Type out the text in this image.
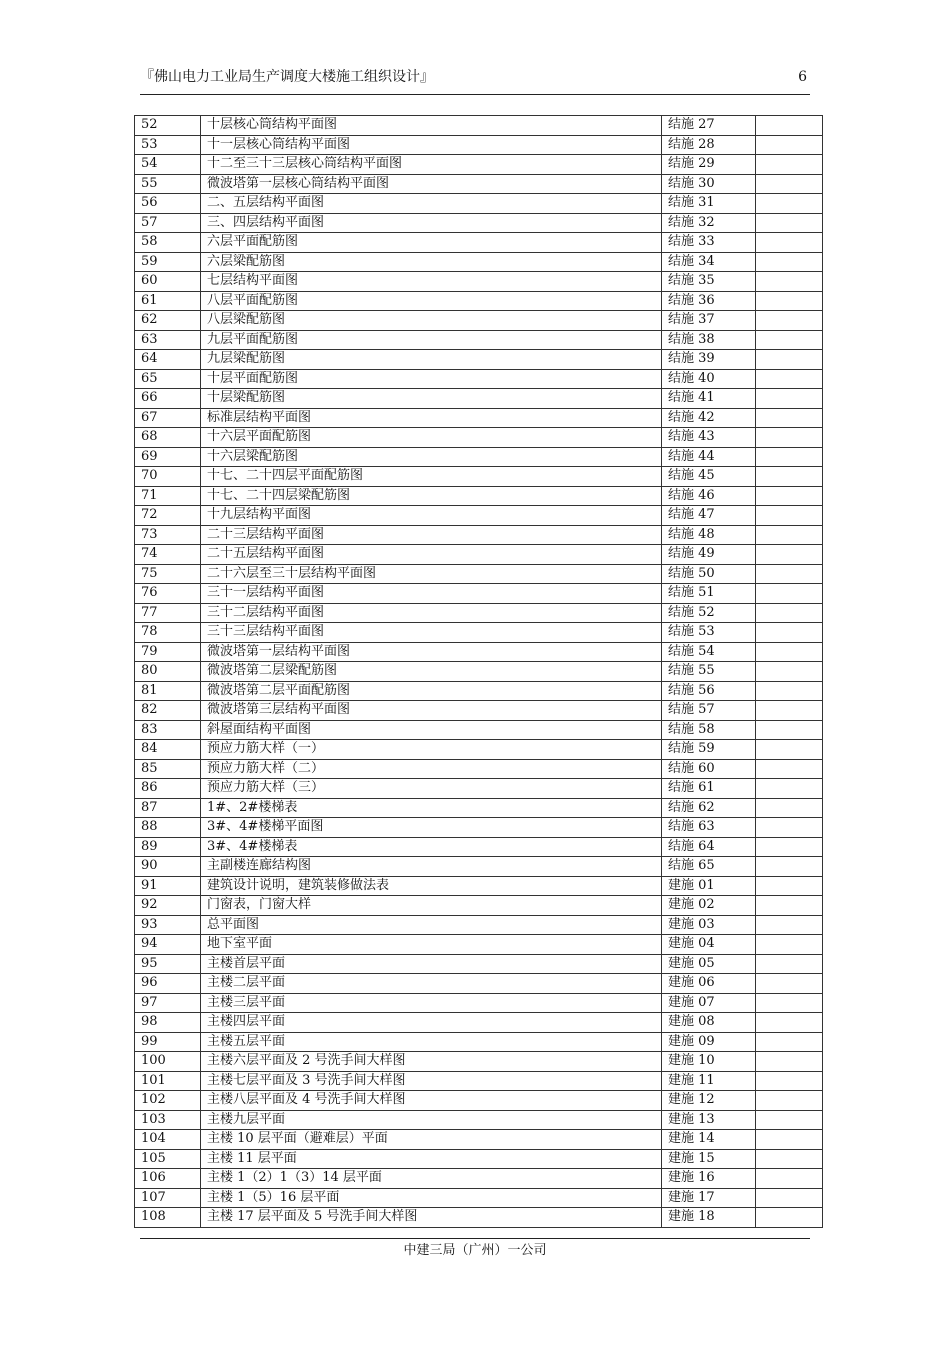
『佛山电力工业局生产调度大楼施工组织设计』	6
52	十层核心筒结构平面图	结施 27	
53	十一层核心筒结构平面图	结施 28	
54	十二至三十三层核心筒结构平面图	结施 29	
55	微波塔第一层核心筒结构平面图	结施 30	
56	二、五层结构平面图	结施 31	
57	三、四层结构平面图	结施 32	
58	六层平面配筋图	结施 33	
59	六层梁配筋图	结施 34	
60	七层结构平面图	结施 35	
61	八层平面配筋图	结施 36	
62	八层梁配筋图	结施 37	
63	九层平面配筋图	结施 38	
64	九层梁配筋图	结施 39	
65	十层平面配筋图	结施 40	
66	十层梁配筋图	结施 41	
67	标准层结构平面图	结施 42	
68	十六层平面配筋图	结施 43	
69	十六层梁配筋图	结施 44	
70	十七、二十四层平面配筋图	结施 45	
71	十七、二十四层梁配筋图	结施 46	
72	十九层结构平面图	结施 47	
73	二十三层结构平面图	结施 48	
74	二十五层结构平面图	结施 49	
75	二十六层至三十层结构平面图	结施 50	
76	三十一层结构平面图	结施 51	
77	三十二层结构平面图	结施 52	
78	三十三层结构平面图	结施 53	
79	微波塔第一层结构平面图	结施 54	
80	微波塔第二层梁配筋图	结施 55	
81	微波塔第二层平面配筋图	结施 56	
82	微波塔第三层结构平面图	结施 57	
83	斜屋面结构平面图	结施 58	
84	预应力筋大样（一）	结施 59	
85	预应力筋大样（二）	结施 60	
86	预应力筋大样（三）	结施 61	
87	1#、2#楼梯表	结施 62	
88	3#、4#楼梯平面图	结施 63	
89	3#、4#楼梯表	结施 64	
90	主副楼连廊结构图	结施 65	
91	建筑设计说明，建筑装修做法表	建施 01	
92	门窗表，门窗大样	建施 02	
93	总平面图	建施 03	
94	地下室平面	建施 04	
95	主楼首层平面	建施 05	
96	主楼二层平面	建施 06	
97	主楼三层平面	建施 07	
98	主楼四层平面	建施 08	
99	主楼五层平面	建施 09	
100	主楼六层平面及 2 号洗手间大样图	建施 10	
101	主楼七层平面及 3 号洗手间大样图	建施 11	
102	主楼八层平面及 4 号洗手间大样图	建施 12	
103	主楼九层平面	建施 13	
104	主楼 10 层平面（避难层）平面	建施 14	
105	主楼 11 层平面	建施 15	
106	主楼 1（2）1（3）14 层平面	建施 16	
107	主楼 1（5）16 层平面	建施 17	
108	主楼 17 层平面及 5 号洗手间大样图	建施 18	
中建三局（广州）一公司
